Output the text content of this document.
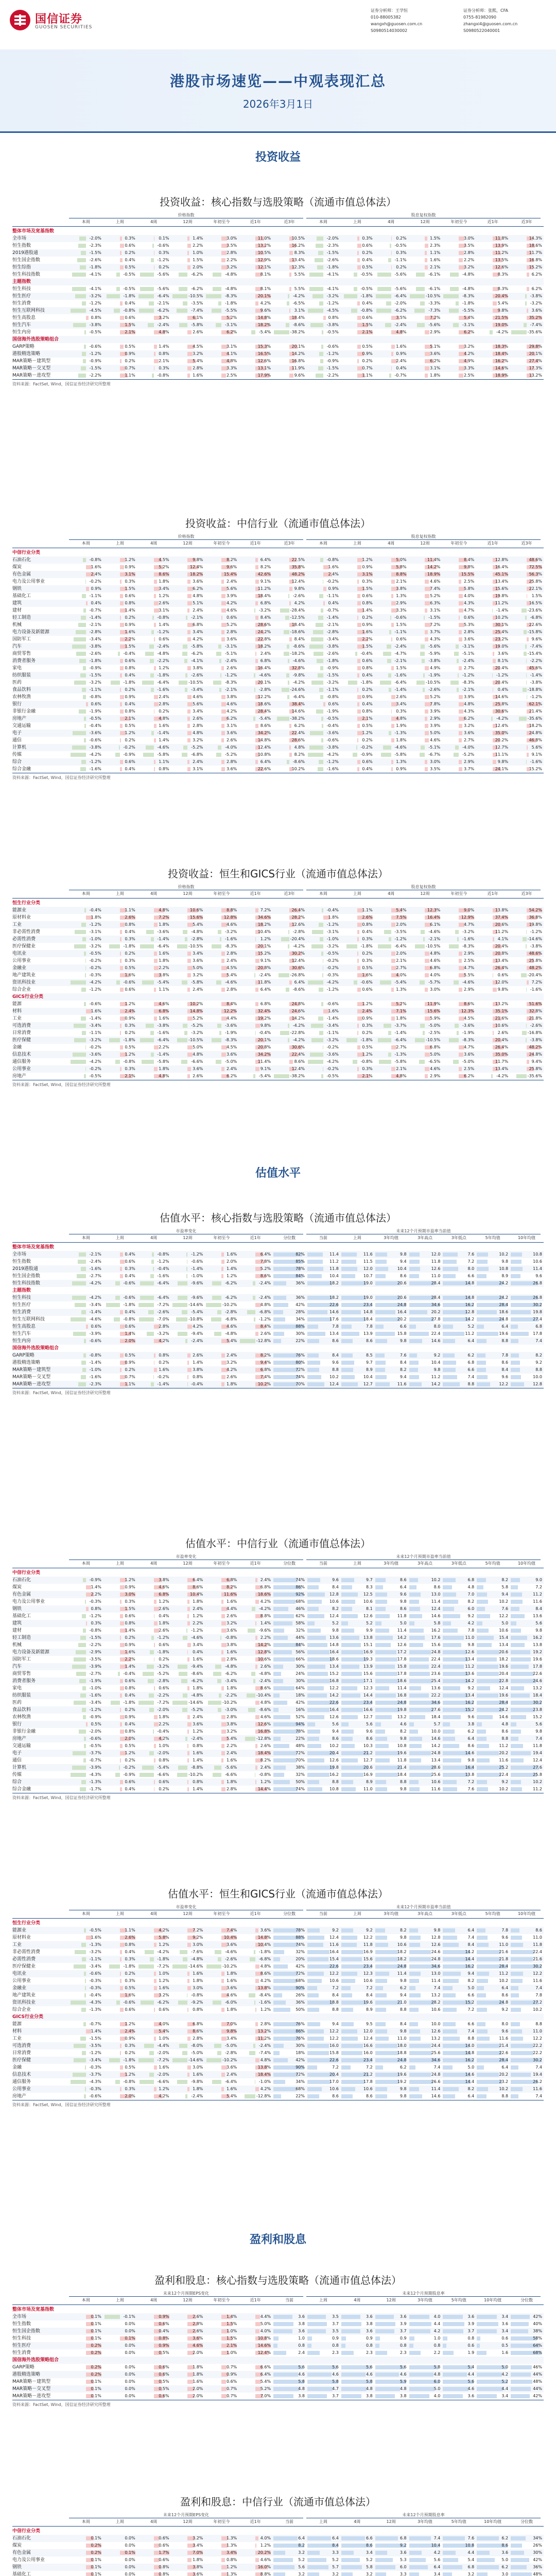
国信证券
GUOSEN SECURITIES
证券分析师：王学恒
010-88005382
wangxh@guosen.com.cn
S0980514030002
证券分析师：张熙，CFA
0755-81982090
zhangxi4@guosen.com.cn
S0980522040001
港股市场速览——中观表现汇总
2026年3月1日
投资收益
估值水平
盈利和股息
投资收益：核心指数与选股策略（流通市值总体法）
价格指数	股息复权指数
本周	上周	4周	12周	年初至今	近1年	近3年	本周	上周	4周	12周	年初至今	近1年	近3年
整体市场及宽基指数
全市场	-2.0%	0.3%	0.1%	1.4%	3.0%	11.0%	10.5%	-2.0%	0.3%	0.2%	1.5%	3.0%	11.8%	14.3%
恒生指数	-2.3%	0.6%	-0.6%	2.2%	3.5%	13.2%	16.2%	-2.3%	0.6%	-0.5%	2.3%	3.5%	13.9%	18.6%
2019港股通	-1.5%	0.2%	0.3%	1.0%	2.8%	10.5%	8.3%	-1.5%	0.2%	0.3%	1.1%	2.8%	11.2%	11.7%
恒生国企指数	-2.6%	0.4%	-1.2%	1.5%	2.2%	12.9%	13.4%	-2.6%	0.4%	-1.1%	1.6%	2.2%	13.5%	16.8%
恒生综指	-1.8%	0.5%	0.2%	2.0%	3.2%	12.1%	12.3%	-1.8%	0.5%	0.2%	2.1%	3.2%	12.6%	15.2%
恒生科技指数	-4.1%	-0.5%	-5.6%	-6.2%	-4.8%	8.1%	5.5%	-4.1%	-0.5%	-5.6%	-6.1%	-4.8%	8.3%	6.2%
主题指数
恒生科技	-4.1%	-0.5%	-5.6%	-6.2%	-4.8%	8.1%	5.5%	-4.1%	-0.5%	-5.6%	-6.1%	-4.8%	8.3%	6.2%
恒生医疗	-3.2%	-1.8%	-6.4%	-10.5%	-8.3%	20.1%	-4.2%	-3.2%	-1.8%	-6.4%	-10.5%	-8.3%	20.4%	-3.8%
恒生消费	-1.2%	0.4%	-2.1%	-3.5%	-1.8%	4.2%	-6.5%	-1.2%	0.4%	-2.0%	-3.3%	-1.8%	5.4%	-3.2%
恒生互联网科技	-4.5%	-0.8%	-6.2%	-7.4%	-5.5%	9.6%	3.1%	-4.5%	-0.8%	-6.2%	-7.3%	-5.5%	9.8%	3.6%
恒生高股息	0.8%	0.6%	3.2%	6.1%	5.2%	14.8%	18.4%	0.8%	0.6%	3.5%	7.2%	5.4%	21.5%	35.2%
恒生汽车	-3.8%	1.5%	-2.4%	-5.8%	-3.1%	18.2%	-8.6%	-3.8%	1.5%	-2.4%	-5.6%	-3.1%	19.0%	-7.4%
恒生内房	-0.5%	2.1%	4.8%	2.6%	6.2%	-5.4%	-38.2%	-0.5%	2.1%	4.8%	2.9%	6.2%	-4.2%	-35.6%
国信海外选股策略组合
GARP策略	-0.6%	0.5%	1.4%	4.5%	3.1%	15.3%	20.1%	-0.6%	0.5%	1.6%	5.1%	3.2%	18.3%	29.8%
港股精选策略	-1.2%	0.9%	0.8%	3.2%	4.1%	16.5%	14.2%	-1.2%	0.9%	0.9%	3.6%	4.2%	18.4%	20.1%
MAR策略－建筑型	-0.9%	0.2%	2.1%	5.4%	4.8%	12.6%	16.8%	-0.9%	0.2%	2.4%	6.2%	4.9%	16.2%	27.4%
MAR策略－交叉型	-1.5%	0.7%	0.3%	2.8%	3.3%	13.1%	11.9%	-1.5%	0.7%	0.4%	3.1%	3.3%	14.6%	17.3%
MAR策略－进攻型	-2.2%	1.1%	-0.8%	1.6%	2.5%	17.9%	9.6%	-2.2%	1.1%	-0.7%	1.8%	2.5%	18.9%	13.2%
资料来源：FactSet, Wind，国信证券经济研究所整理
投资收益：中信行业（流通市值总体法）
价格指数	股息复权指数
本周	上周	4周	12周	年初至今	近1年	近3年	本周	上周	4周	12周	年初至今	近1年	近3年
中信行业分类
石油石化	-0.8%	1.2%	4.5%	9.8%	8.2%	6.4%	22.5%	-0.8%	1.2%	5.0%	11.4%	8.4%	12.8%	48.6%
煤炭	1.6%	0.9%	5.2%	12.4%	9.6%	8.2%	35.8%	1.6%	0.9%	5.8%	14.2%	9.8%	16.4%	72.5%
有色金属	2.4%	3.1%	8.6%	18.2%	15.4%	42.6%	48.2%	2.4%	3.1%	8.8%	18.9%	15.5%	45.1%	56.3%
电力及公用事业	-0.2%	0.3%	1.8%	3.6%	2.4%	9.1%	12.4%	-0.2%	0.3%	2.1%	4.6%	2.5%	13.4%	25.8%
钢铁	0.9%	1.5%	3.4%	6.2%	5.6%	11.2%	9.8%	0.9%	1.5%	3.8%	7.4%	5.8%	15.6%	22.1%
基础化工	-1.1%	0.6%	1.2%	4.8%	3.9%	18.4%	-2.6%	-1.1%	0.6%	1.3%	5.2%	4.0%	19.8%	1.5%
建筑	0.4%	0.8%	2.6%	5.1%	4.2%	6.8%	4.2%	0.4%	0.8%	2.9%	6.3%	4.3%	11.2%	16.5%
建材	-0.7%	1.4%	3.1%	2.4%	4.6%	-3.2%	-28.4%	-0.7%	1.4%	3.3%	3.1%	4.7%	-1.4%	-23.6%
轻工制造	-1.4%	0.2%	-0.8%	-2.1%	0.6%	8.4%	-12.5%	-1.4%	0.2%	-0.6%	-1.5%	0.6%	10.2%	-6.8%
机械	-2.1%	0.9%	1.4%	6.8%	5.2%	28.6%	18.4%	-2.1%	0.9%	1.5%	7.2%	5.3%	30.1%	22.6%
电力设备及新能源	-2.8%	1.6%	-1.2%	3.4%	2.8%	24.2%	-18.6%	-2.8%	1.6%	-1.1%	3.7%	2.8%	25.4%	-15.8%
国防军工	-3.4%	2.2%	0.6%	4.2%	3.6%	22.8%	8.4%	-3.4%	2.2%	0.6%	4.3%	3.6%	23.2%	9.6%
汽车	-3.8%	1.5%	-2.4%	-5.8%	-3.1%	18.2%	-8.6%	-3.8%	1.5%	-2.4%	-5.6%	-3.1%	19.0%	-7.4%
商贸零售	-2.6%	-0.4%	-4.8%	-6.2%	-5.1%	2.4%	-18.2%	-2.6%	-0.4%	-4.7%	-5.9%	-5.1%	3.6%	-15.4%
消费者服务	-1.8%	0.6%	-2.2%	-4.1%	-2.4%	6.8%	-4.6%	-1.8%	0.6%	-2.1%	-3.8%	-2.4%	8.1%	-2.2%
家电	-0.9%	0.8%	1.2%	3.8%	2.6%	16.4%	32.8%	-0.9%	0.8%	1.5%	4.9%	2.7%	20.4%	45.6%
纺织服装	-1.5%	0.4%	-1.8%	-2.6%	-1.2%	-4.6%	-9.8%	-1.5%	0.4%	-1.6%	-1.9%	-1.2%	-1.2%	-1.4%
医药	-3.2%	-1.8%	-6.4%	-10.5%	-8.3%	20.1%	-4.2%	-3.2%	-1.8%	-6.4%	-10.5%	-8.3%	20.4%	-3.8%
食品饮料	-1.1%	0.2%	-1.6%	-3.4%	-2.1%	-2.8%	-24.6%	-1.1%	0.2%	-1.4%	-2.6%	-2.1%	0.4%	-18.8%
农林牧渔	-0.8%	0.9%	2.4%	4.6%	3.8%	12.2%	-6.4%	-0.8%	0.9%	2.6%	5.2%	3.9%	14.6%	-1.2%
银行	0.6%	0.4%	2.8%	5.6%	4.6%	18.6%	38.4%	0.6%	0.4%	3.4%	7.8%	4.8%	25.8%	62.1%
非银行金融	-1.9%	0.8%	0.2%	3.4%	4.2%	28.4%	14.6%	-1.9%	0.8%	0.3%	3.9%	4.3%	30.6%	21.4%
房地产	-0.5%	2.1%	4.8%	2.6%	6.2%	-5.4%	-38.2%	-0.5%	2.1%	4.8%	2.9%	6.2%	-4.2%	-35.6%
交通运输	-0.4%	0.5%	1.6%	2.8%	3.1%	8.6%	6.2%	-0.4%	0.5%	1.9%	3.9%	3.2%	12.4%	18.2%
电子	-3.6%	1.2%	-1.4%	4.8%	3.6%	34.2%	22.4%	-3.6%	1.2%	-1.3%	5.0%	3.6%	35.0%	24.8%
通信	-0.6%	0.2%	1.4%	3.2%	2.6%	14.8%	28.6%	-0.6%	0.2%	1.8%	4.6%	2.7%	20.2%	46.8%
计算机	-3.8%	-0.2%	-4.6%	-5.2%	-4.0%	12.4%	4.8%	-3.8%	-0.2%	-4.6%	-5.1%	-4.0%	12.7%	5.6%
传媒	-4.2%	-0.9%	-5.8%	-6.8%	-5.2%	10.8%	8.2%	-4.2%	-0.9%	-5.8%	-6.7%	-5.2%	11.1%	9.1%
综合	-1.2%	0.6%	1.1%	2.4%	2.8%	6.4%	-8.6%	-1.2%	0.6%	1.3%	3.0%	2.9%	9.8%	-1.6%
综合金融	-1.6%	0.4%	0.8%	3.1%	3.6%	22.6%	10.2%	-1.6%	0.4%	0.9%	3.5%	3.7%	24.1%	15.2%
资料来源：FactSet, Wind，国信证券经济研究所整理
投资收益：恒生和GICS行业（流通市值总体法）
价格指数	股息复权指数
本周	上周	4周	12周	年初至今	近1年	近3年	本周	上周	4周	12周	年初至今	近1年	近3年
恒生行业分类
能源业	-0.4%	1.1%	4.8%	10.6%	8.8%	7.2%	26.4%	-0.4%	1.1%	5.4%	12.3%	9.0%	13.8%	54.2%
原材料业	1.8%	2.6%	7.2%	15.6%	12.8%	34.6%	28.2%	1.8%	2.6%	7.5%	16.4%	12.9%	37.4%	36.8%
工业	-1.2%	0.8%	1.8%	5.4%	4.6%	18.2%	12.6%	-1.2%	0.8%	2.0%	6.1%	4.7%	20.6%	19.8%
非必需性消费	-3.1%	0.4%	-3.6%	-4.8%	-3.2%	10.4%	-2.8%	-3.1%	0.4%	-3.5%	-4.6%	-3.2%	11.2%	-1.2%
必需性消费	-1.0%	0.3%	-1.4%	-2.8%	-1.6%	1.2%	-20.4%	-1.0%	0.3%	-1.2%	-2.1%	-1.6%	4.1%	-14.6%
医疗保健业	-3.2%	-1.8%	-6.4%	-10.5%	-8.3%	20.1%	-4.2%	-3.2%	-1.8%	-6.4%	-10.5%	-8.3%	20.4%	-3.8%
电讯业	-0.5%	0.2%	1.6%	3.4%	2.8%	15.2%	30.2%	-0.5%	0.2%	2.0%	4.8%	2.9%	20.8%	48.6%
公用事业	-0.2%	0.3%	1.8%	3.6%	2.4%	9.1%	12.4%	-0.2%	0.3%	2.1%	4.6%	2.5%	13.4%	25.8%
金融业	-0.2%	0.5%	2.2%	5.0%	4.5%	20.8%	30.6%	-0.2%	0.5%	2.7%	6.8%	4.7%	26.4%	48.2%
地产建筑业	-0.3%	1.6%	3.8%	3.2%	5.4%	-2.4%	-26.8%	-0.3%	1.6%	4.0%	4.0%	5.5%	0.6%	-20.4%
资讯科技业	-4.2%	-0.6%	-5.4%	-5.8%	-4.6%	11.8%	6.4%	-4.2%	-0.6%	-5.4%	-5.7%	-4.6%	12.0%	7.2%
综合企业	-1.2%	0.6%	1.1%	2.4%	2.8%	6.4%	-8.6%	-1.2%	0.6%	1.3%	3.0%	2.9%	9.8%	-1.6%
GICS行业分类
能源	-0.6%	1.2%	4.6%	10.2%	8.4%	6.8%	24.8%	-0.6%	1.2%	5.2%	11.9%	8.6%	13.2%	51.6%
材料	1.6%	2.4%	6.8%	14.8%	12.2%	32.4%	24.6%	1.6%	2.4%	7.1%	15.6%	12.3%	35.1%	32.8%
工业	-1.4%	0.9%	1.6%	5.2%	4.4%	19.2%	14.2%	-1.4%	0.9%	1.8%	5.9%	4.5%	21.6%	21.8%
可选消费	-3.4%	0.3%	-3.8%	-5.2%	-3.6%	9.8%	-4.2%	-3.4%	0.3%	-3.7%	-5.0%	-3.6%	10.6%	-2.6%
日常消费	-1.1%	0.2%	-1.6%	-3.2%	-1.9%	-0.4%	-22.8%	-1.1%	0.2%	-1.4%	-2.5%	-1.9%	2.6%	-16.8%
医疗保健	-3.2%	-1.8%	-6.4%	-10.5%	-8.3%	20.1%	-4.2%	-3.2%	-1.8%	-6.4%	-10.5%	-8.3%	20.4%	-3.8%
金融	-0.2%	0.5%	2.2%	5.0%	4.5%	20.8%	30.6%	-0.2%	0.5%	2.7%	6.8%	4.7%	26.4%	48.2%
信息技术	-3.6%	1.2%	-1.4%	4.8%	3.6%	34.2%	22.4%	-3.6%	1.2%	-1.3%	5.0%	3.6%	35.0%	24.8%
通信服务	-4.2%	-0.8%	-5.8%	-6.6%	-5.0%	11.4%	8.6%	-4.2%	-0.8%	-5.8%	-6.5%	-5.0%	11.7%	9.4%
公用事业	-0.2%	0.3%	1.8%	3.6%	2.4%	9.1%	12.4%	-0.2%	0.3%	2.1%	4.6%	2.5%	13.4%	25.8%
房地产	-0.5%	2.1%	4.8%	2.6%	6.2%	-5.4%	-38.2%	-0.5%	2.1%	4.8%	2.9%	6.2%	-4.2%	-35.6%
资料来源：FactSet, Wind，国信证券经济研究所整理
估值水平：核心指数与选股策略（流通市值总体法）
市盈率变化	未来12个月预期市盈率当前值
本周	上周	4周	12周	年初至今	近1年	分位数	当前	上周	3年均值	3年高点	3年低点	5年均值	10年均值
整体市场及宽基指数
全市场	-2.1%	0.4%	-0.8%	-1.2%	1.6%	6.4%	82%	11.4	11.6	9.8	12.0	7.6	10.2	10.8
恒生指数	-2.4%	0.6%	-1.2%	-0.6%	2.0%	7.8%	85%	11.2	11.5	9.4	11.8	7.2	9.8	10.6
2019港股通	-1.6%	0.3%	-0.4%	-1.4%	1.4%	5.2%	78%	11.8	12.0	10.4	12.6	8.0	10.8	11.4
恒生国企指数	-2.7%	0.4%	-1.6%	-1.0%	1.2%	8.6%	84%	10.4	10.7	8.6	11.0	6.6	8.9	9.6
恒生科技指数	-4.2%	-0.6%	-6.4%	-9.6%	-6.2%	-2.4%	36%	18.2	19.0	20.6	28.4	14.8	24.2	26.8
主题指数
恒生科技	-4.2%	-0.6%	-6.4%	-9.6%	-6.2%	-2.4%	36%	18.2	19.0	20.6	28.4	14.8	24.2	26.8
恒生医疗	-3.4%	-1.8%	-7.2%	-14.6%	-10.2%	4.8%	42%	22.6	23.4	24.8	34.6	16.2	28.4	30.2
恒生消费	-1.4%	0.4%	-2.6%	-5.4%	-2.8%	-6.8%	28%	14.6	14.8	16.4	20.2	12.8	18.6	19.8
恒生互联网科技	-4.6%	-0.8%	-7.0%	-10.8%	-6.8%	-1.2%	34%	17.6	18.4	20.2	27.8	14.2	24.8	27.4
恒生高股息	0.6%	0.6%	2.8%	4.2%	4.6%	8.4%	88%	7.8	7.8	6.6	8.0	5.2	6.4	6.8
恒生汽车	-3.9%	1.4%	-3.2%	-9.4%	-4.8%	2.6%	30%	13.4	13.9	15.8	22.4	11.2	19.6	17.8
恒生内房	-0.6%	2.0%	4.2%	-2.4%	5.4%	-12.8%	22%	8.6	8.6	9.8	14.6	6.4	8.8	7.4
国信海外选股策略组合
GARP策略	-0.8%	0.5%	0.8%	2.6%	2.4%	8.2%	76%	8.4	8.5	7.6	9.2	6.2	7.8	8.2
港股精选策略	-1.4%	0.9%	0.2%	1.4%	3.2%	9.4%	80%	9.6	9.7	8.4	10.4	6.8	8.6	9.2
MAR策略－建筑型	-1.0%	0.2%	1.6%	3.8%	4.2%	6.8%	72%	8.8	8.9	8.2	9.8	6.6	8.4	8.8
MAR策略－交叉型	-1.6%	0.7%	-0.2%	0.8%	2.6%	7.4%	74%	10.2	10.4	9.4	11.2	7.4	9.6	10.0
MAR策略－进攻型	-2.3%	1.1%	-1.4%	-0.4%	1.8%	10.2%	70%	12.4	12.7	11.6	14.2	8.8	12.2	12.8
资料来源：FactSet, Wind，国信证券经济研究所整理
估值水平：中信行业（流通市值总体法）
市盈率变化	未来12个月预期市盈率当前值
本周	上周	4周	12周	年初至今	近1年	分位数	当前	上周	3年均值	3年高点	3年低点	5年均值	10年均值
中信行业分类
石油石化	-0.9%	1.2%	3.8%	6.4%	6.8%	2.4%	74%	9.6	9.7	8.6	10.2	6.8	8.2	9.0
煤炭	1.4%	0.9%	4.6%	8.6%	8.2%	6.8%	86%	8.4	8.3	6.4	8.6	4.8	5.8	7.2
有色金属	2.2%	3.0%	6.8%	10.4%	11.6%	18.6%	92%	12.8	12.5	9.6	13.0	7.0	9.4	11.2
电力及公用事业	-0.3%	0.3%	1.2%	1.8%	1.6%	4.2%	68%	10.6	10.6	9.8	11.4	8.2	10.2	11.6
钢铁	0.8%	1.5%	2.6%	2.4%	4.4%	-4.2%	46%	8.2	8.1	8.6	12.4	6.0	7.6	8.4
基础化工	-1.2%	0.6%	0.4%	1.2%	2.6%	8.8%	62%	12.4	12.6	11.8	14.6	9.2	12.2	13.6
建筑	0.3%	0.8%	1.8%	2.2%	3.2%	1.4%	58%	5.2	5.2	5.0	5.8	4.2	5.0	5.6
建材	-0.8%	1.4%	2.6%	-1.2%	3.6%	-9.6%	32%	9.8	9.9	11.4	16.2	7.8	10.6	9.8
轻工制造	-1.5%	0.2%	-1.2%	-4.6%	-0.8%	2.2%	44%	13.6	13.8	14.2	17.6	11.0	15.4	16.2
机械	-2.2%	0.9%	0.6%	3.4%	3.8%	14.2%	84%	14.8	15.1	12.6	15.6	9.8	13.4	13.8
电力设备及新能源	-2.9%	1.6%	-1.8%	0.4%	1.6%	12.8%	56%	16.4	16.9	17.2	24.8	12.6	20.6	19.2
国防军工	-3.5%	2.2%	0.2%	1.6%	2.8%	10.6%	66%	18.6	19.3	17.8	22.4	13.4	18.2	19.6
汽车	-3.9%	1.4%	-3.2%	-9.4%	-4.8%	2.6%	30%	13.4	13.9	15.8	22.4	11.2	19.6	17.8
商贸零售	-2.7%	-0.4%	-5.2%	-8.6%	-6.2%	-4.8%	24%	15.2	15.6	17.8	23.6	13.6	20.4	22.6
消费者服务	-1.9%	0.6%	-2.8%	-6.2%	-3.4%	-2.4%	30%	16.8	17.1	18.6	25.4	14.2	22.8	24.6
家电	-1.0%	0.8%	0.6%	1.8%	1.8%	8.6%	64%	12.2	12.3	11.4	13.6	9.2	12.4	13.2
纺织服装	-1.6%	0.4%	-2.2%	-4.8%	-2.2%	-10.4%	18%	14.2	14.4	16.8	22.2	13.4	19.6	18.4
医药	-3.4%	-1.8%	-7.2%	-14.6%	-10.2%	4.8%	42%	22.6	23.4	24.8	34.6	16.2	28.4	30.2
食品饮料	-1.2%	0.2%	-2.0%	-5.2%	-3.0%	-8.6%	16%	16.4	16.6	19.8	27.6	15.2	24.2	23.8
农林牧渔	-0.9%	0.9%	1.8%	2.4%	2.8%	4.6%	52%	12.6	12.7	13.2	18.4	9.6	14.6	15.2
银行	0.5%	0.4%	2.2%	3.6%	3.8%	12.6%	94%	5.6	5.6	4.6	5.7	3.8	4.8	5.6
非银行金融	-2.0%	0.8%	-0.4%	1.2%	3.2%	16.8%	78%	9.4	9.6	8.2	10.0	6.2	8.6	9.8
房地产	-0.6%	2.0%	4.2%	-2.4%	5.4%	-12.8%	22%	8.6	8.6	9.8	14.6	6.4	8.8	7.4
交通运输	-0.5%	0.5%	1.0%	0.8%	2.2%	2.6%	48%	10.2	10.3	10.8	14.2	8.6	11.2	11.8
电子	-3.7%	1.2%	-2.0%	1.6%	2.4%	18.4%	72%	20.4	21.2	19.6	24.8	14.6	20.2	19.4
通信	-0.7%	0.2%	0.8%	1.4%	1.6%	8.2%	70%	12.6	12.7	11.8	13.4	9.8	11.6	12.4
计算机	-3.9%	-0.2%	-5.4%	-8.8%	-5.6%	2.4%	38%	19.8	20.6	21.4	28.6	16.4	25.2	27.6
传媒	-4.3%	-0.9%	-6.6%	-10.2%	-6.6%	-0.8%	32%	16.2	16.9	18.4	25.6	13.8	22.4	25.8
综合	-1.3%	0.6%	0.6%	0.8%	1.8%	1.2%	50%	8.8	8.9	8.8	10.6	7.2	9.2	10.2
综合金融	-1.7%	0.4%	0.2%	1.4%	2.8%	14.4%	74%	10.8	11.0	9.8	11.6	7.6	10.2	11.2
资料来源：FactSet, Wind，国信证券经济研究所整理
估值水平：恒生和GICS行业（流通市值总体法）
市盈率变化	未来12个月预期市盈率当前值
本周	上周	4周	12周	年初至今	近1年	分位数	当前	上周	3年均值	3年高点	3年低点	5年均值	10年均值
恒生行业分类
能源业	-0.5%	1.1%	4.2%	7.2%	7.4%	3.6%	78%	9.2	9.2	8.2	9.8	6.4	7.8	8.6
原材料业	1.6%	2.6%	5.8%	9.2%	10.4%	14.8%	88%	12.4	12.2	9.8	12.8	7.4	9.6	11.0
工业	-1.3%	0.8%	1.2%	3.0%	3.6%	10.4%	74%	11.6	11.8	10.6	12.6	8.4	11.0	11.8
非必需性消费	-3.2%	0.4%	-4.2%	-7.6%	-4.6%	-1.8%	32%	16.4	16.9	18.2	24.6	14.2	21.6	22.4
必需性消费	-1.1%	0.3%	-1.8%	-4.8%	-2.6%	-6.8%	20%	15.4	15.6	18.2	24.8	14.4	21.8	21.6
医疗保健业	-3.4%	-1.8%	-7.2%	-14.6%	-10.2%	4.8%	42%	22.6	23.4	24.8	34.6	16.2	28.4	30.2
电讯业	-0.6%	0.2%	1.0%	1.6%	1.8%	8.6%	72%	12.2	12.3	11.4	13.0	9.4	11.2	12.2
公用事业	-0.3%	0.3%	1.2%	1.8%	1.6%	4.2%	68%	10.6	10.6	9.8	11.4	8.2	10.2	11.6
金融业	-0.3%	0.5%	1.6%	3.0%	3.6%	13.8%	90%	7.2	7.2	6.2	7.4	5.0	6.4	7.4
地产建筑业	-0.4%	1.6%	3.2%	-0.8%	4.6%	-8.4%	26%	8.4	8.4	9.4	13.2	6.6	8.6	7.8
资讯科技业	-4.3%	-0.6%	-6.2%	-9.2%	-6.0%	-1.6%	36%	18.8	19.6	21.0	28.2	15.2	24.8	27.2
综合企业	-1.3%	0.6%	0.6%	0.8%	1.8%	1.2%	50%	8.8	8.9	8.8	10.6	7.2	9.2	10.2
GICS行业分类
能源	-0.7%	1.2%	4.0%	6.8%	7.0%	2.8%	76%	9.4	9.5	8.4	10.0	6.6	8.0	8.8
材料	1.4%	2.4%	5.4%	8.6%	9.8%	13.2%	86%	12.2	12.0	9.8	12.6	7.4	9.6	11.0
工业	-1.5%	0.9%	1.0%	2.8%	3.4%	11.2%	76%	12.2	12.4	11.0	13.2	8.8	11.6	12.2
可选消费	-3.5%	0.3%	-4.4%	-8.0%	-5.0%	-2.4%	30%	16.0	16.6	18.0	24.4	14.0	21.4	22.2
日常消费	-1.2%	0.2%	-2.0%	-5.0%	-2.8%	-7.4%	18%	15.8	16.0	18.8	25.6	14.8	22.6	22.2
医疗保健	-3.4%	-1.8%	-7.2%	-14.6%	-10.2%	4.8%	42%	22.6	23.4	24.8	34.6	16.2	28.4	30.2
金融	-0.3%	0.5%	1.6%	3.0%	3.6%	13.8%	90%	7.2	7.2	6.2	7.4	5.0	6.4	7.4
信息技术	-3.7%	1.2%	-2.0%	1.6%	2.4%	18.4%	72%	20.4	21.2	19.6	24.8	14.6	20.2	19.4
通信服务	-4.3%	-0.8%	-6.6%	-9.8%	-6.4%	-1.0%	34%	17.0	17.8	19.2	26.6	14.4	23.2	26.2
公用事业	-0.3%	0.3%	1.2%	1.8%	1.6%	4.2%	68%	10.6	10.6	9.8	11.4	8.2	10.2	11.6
房地产	-0.6%	2.0%	4.2%	-2.4%	5.4%	-12.8%	22%	8.6	8.6	9.8	14.6	6.4	8.8	7.4
资料来源：FactSet, Wind，国信证券经济研究所整理
盈利和股息：核心指数与选股策略（流通市值总体法）
未来12个月预期EPS变化	未来12个月预期股息率
本周	上周	4周	12周	年初至今	近1年	当前	上周	4周	12周	3年均值	5年均值	10年均值	分位数
整体市场及宽基指数
全市场	0.1%	-0.1%	0.9%	2.6%	1.4%	4.4%	3.6	3.5	3.6	3.6	4.0	3.6	3.4	42%
恒生指数	0.1%	0.0%	0.6%	2.8%	1.5%	5.0%	3.8	3.7	3.8	3.9	4.4	3.9	3.6	40%
恒生国企指数	0.1%	0.0%	0.4%	2.6%	1.0%	4.0%	3.6	3.5	3.6	3.7	4.2	3.7	3.4	38%
恒生科技	0.1%	0.1%	0.8%	3.6%	1.5%	10.8%	1.0	0.9	0.9	0.9	1.0	0.8	0.6	58%
恒生医疗	0.2%	0.0%	0.9%	4.6%	2.1%	14.6%	0.8	0.8	0.8	0.8	0.8	0.6	0.5	64%
恒生消费	0.2%	0.0%	0.5%	2.0%	1.0%	12.4%	2.4	2.3	2.3	2.3	2.2	1.9	1.6	68%
国信海外选股策略组合
GARP策略	0.2%	0.0%	0.6%	1.8%	0.7%	6.6%	5.6	5.6	5.6	5.6	5.8	5.4	5.0	46%
港股精选策略	0.2%	0.0%	0.6%	1.8%	0.9%	6.4%	4.6	4.6	4.6	4.6	4.8	4.4	4.2	44%
MAR策略－建筑型	0.1%	0.0%	0.5%	1.6%	0.6%	5.4%	5.8	5.8	5.8	5.9	6.0	5.6	5.2	48%
MAR策略－交叉型	0.1%	0.0%	0.5%	2.0%	0.7%	5.2%	4.8	4.7	4.8	4.8	5.0	4.6	4.4	44%
MAR策略－进攻型	0.1%	0.0%	0.6%	2.0%	0.7%	7.0%	3.8	3.7	3.8	3.8	4.0	3.6	3.4	42%
资料来源：FactSet, Wind，国信证券经济研究所整理
盈利和股息：中信行业（流通市值总体法）
未来12个月预期EPS变化	未来12个月预期股息率
本周	上周	4周	12周	年初至今	近1年	当前	上周	4周	12周	3年均值	5年均值	10年均值	分位数
中信行业分类
石油石化	0.1%	0.0%	0.6%	3.2%	1.3%	4.0%	6.4	6.4	6.6	6.8	7.4	7.6	6.2	34%
煤炭	0.2%	0.0%	0.6%	3.4%	1.3%	1.2%	8.2	8.4	8.6	9.2	10.4	10.8	8.6	26%
有色金属	0.2%	0.1%	1.7%	7.0%	3.4%	20.2%	3.2	3.3	3.4	3.6	4.2	4.4	3.6	30%
电力及公用事业	0.1%	0.0%	0.6%	1.8%	0.8%	4.6%	5.2	5.2	5.2	5.3	5.6	5.4	5.0	42%
钢铁	0.1%	0.0%	0.8%	3.8%	1.2%	16.0%	5.6	5.7	5.8	6.0	6.4	6.8	6.2	36%
基础化工	0.1%	0.0%	0.8%	3.6%	1.3%	8.8%	3.2	3.2	3.2	3.3	3.4	3.2	3.0	48%
